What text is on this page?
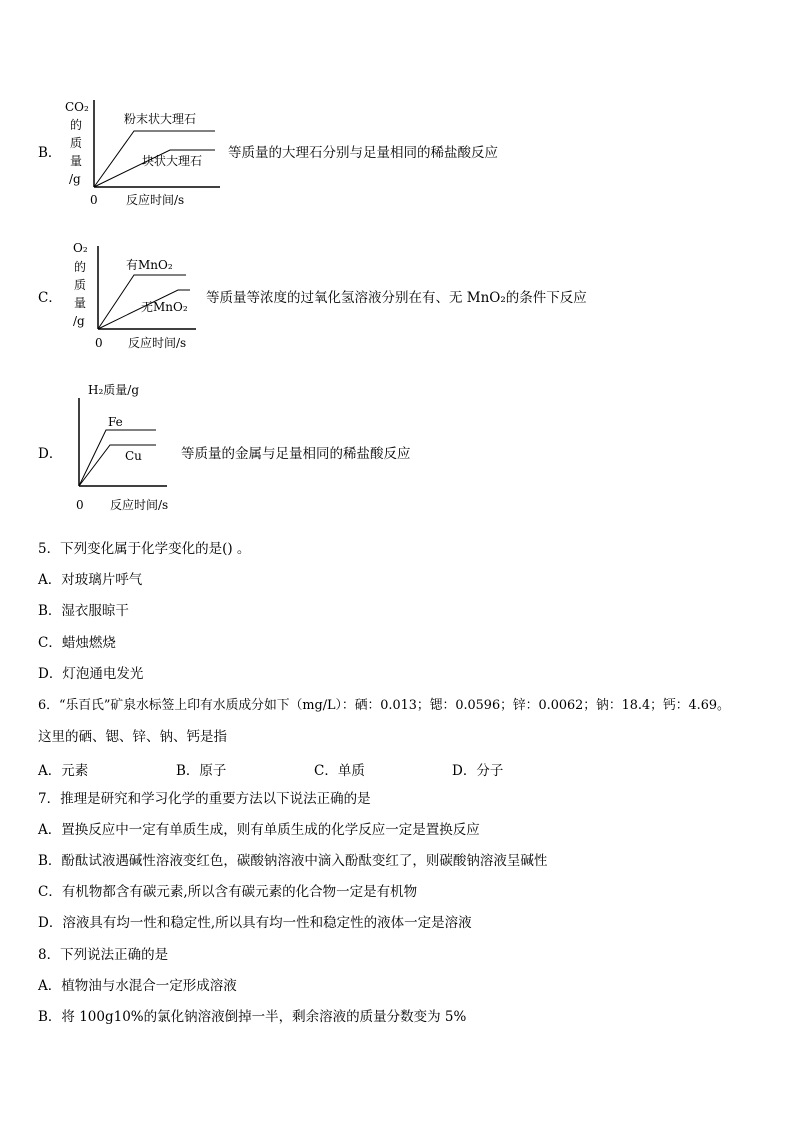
B．
CO₂
的
质
量
/g
粉末状大理石
块状大理石
0 反应时间/s
等质量的大理石分别与足量相同的稀盐酸反应
C．
O₂
的
质
量
/g
有MnO₂
无MnO₂
0 反应时间/s
等质量等浓度的过氧化氢溶液分别在有、无 MnO₂的条件下反应
D．
H₂质量/g
Fe
Cu
0 反应时间/s
等质量的金属与足量相同的稀盐酸反应
5．下列变化属于化学变化的是() 。
A．对玻璃片呼气
B．湿衣服晾干
C．蜡烛燃烧
D．灯泡通电发光
6．“乐百氏”矿泉水标签上印有水质成分如下（mg/L）：硒：0.013；锶：0.0596；锌：0.0062；钠：18.4；钙：4.69。
这里的硒、锶、锌、钠、钙是指
A．元素	B．原子	C．单质	D．分子
7．推理是研究和学习化学的重要方法以下说法正确的是
A．置换反应中一定有单质生成，则有单质生成的化学反应一定是置换反应
B．酚酞试液遇碱性溶液变红色，碳酸钠溶液中滴入酚酞变红了，则碳酸钠溶液呈碱性
C．有机物都含有碳元素,所以含有碳元素的化合物一定是有机物
D．溶液具有均一性和稳定性,所以具有均一性和稳定性的液体一定是溶液
8．下列说法正确的是
A．植物油与水混合一定形成溶液
B．将 100g10%的氯化钠溶液倒掉一半，剩余溶液的质量分数变为 5%
